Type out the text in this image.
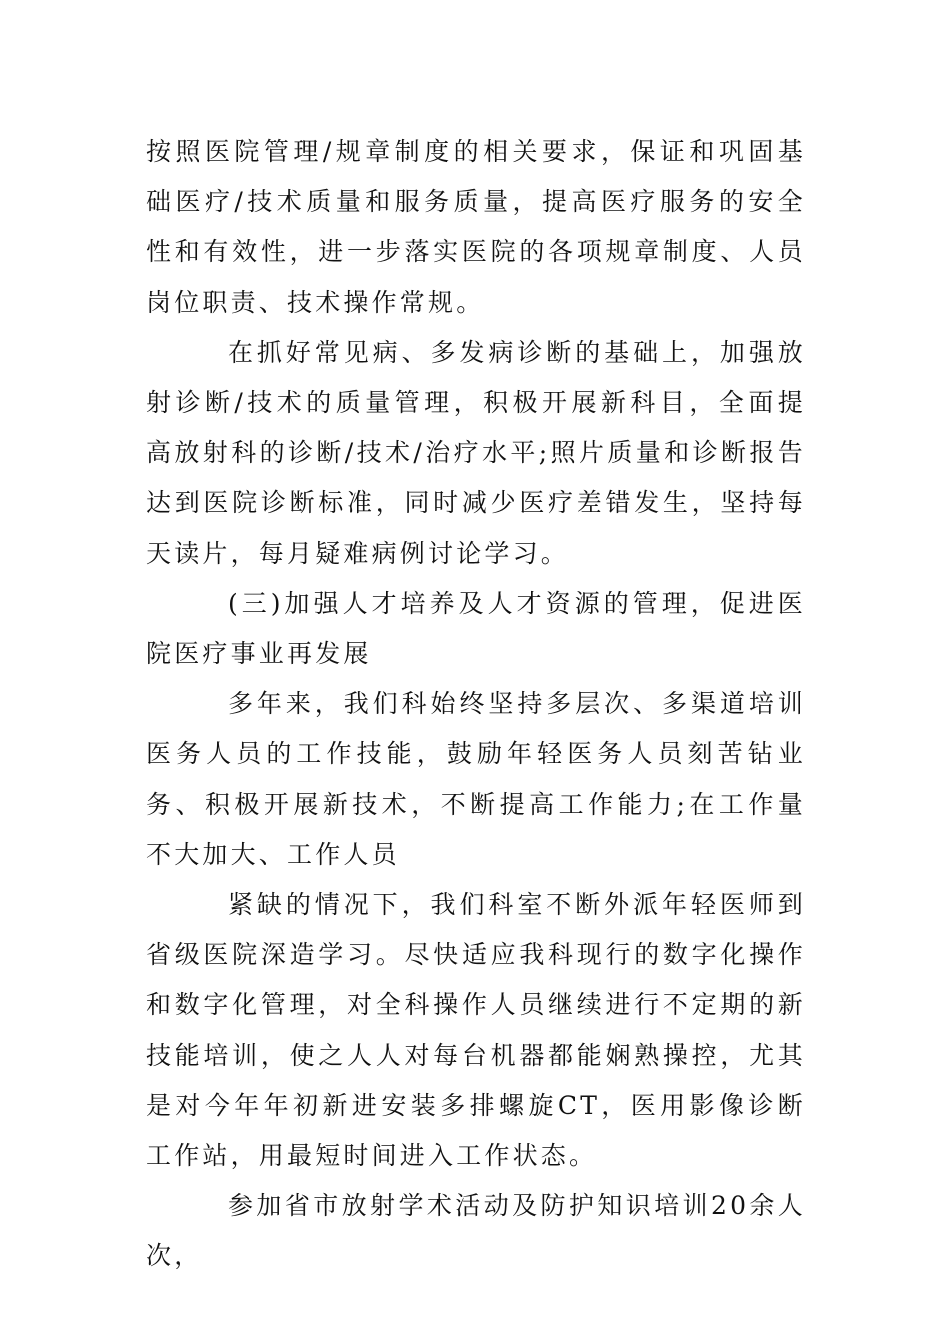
按照医院管理/规章制度的相关要求，保证和巩固基础医疗/技术质量和服务质量，提高医疗服务的安全性和有效性，进一步落实医院的各项规章制度、人员岗位职责、技术操作常规。

在抓好常见病、多发病诊断的基础上，加强放射诊断/技术的质量管理，积极开展新科目，全面提高放射科的诊断/技术/治疗水平;照片质量和诊断报告达到医院诊断标准，同时减少医疗差错发生，坚持每天读片，每月疑难病例讨论学习。

(三)加强人才培养及人才资源的管理，促进医院医疗事业再发展

多年来，我们科始终坚持多层次、多渠道培训医务人员的工作技能，鼓励年轻医务人员刻苦钻业务、积极开展新技术，不断提高工作能力;在工作量不大加大、工作人员

紧缺的情况下，我们科室不断外派年轻医师到省级医院深造学习。尽快适应我科现行的数字化操作和数字化管理，对全科操作人员继续进行不定期的新技能培训，使之人人对每台机器都能娴熟操控，尤其是对今年年初新进安装多排螺旋CT，医用影像诊断工作站，用最短时间进入工作状态。

参加省市放射学术活动及防护知识培训20余人次，
